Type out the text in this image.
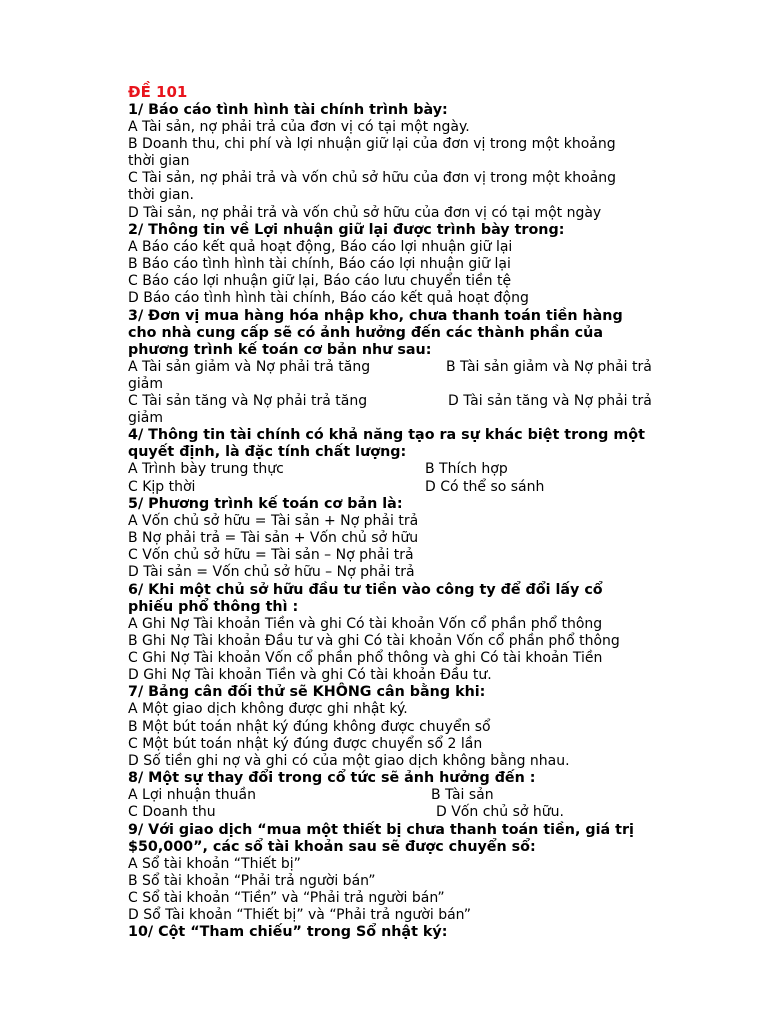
ĐỀ 101
1/ Báo cáo tình hình tài chính trình bày:
A Tài sản, nợ phải trả của đơn vị có tại một ngày.
B Doanh thu, chi phí và lợi nhuận giữ lại của đơn vị trong một khoảng
thời gian
C Tài sản, nợ phải trả và vốn chủ sở hữu của đơn vị trong một khoảng
thời gian.
D Tài sản, nợ phải trả và vốn chủ sở hữu của đơn vị có tại một ngày
2/ Thông tin về Lợi nhuận giữ lại được trình bày trong:
A Báo cáo kết quả hoạt động, Báo cáo lợi nhuận giữ lại
B Báo cáo tình hình tài chính, Báo cáo lợi nhuận giữ lại
C Báo cáo lợi nhuận giữ lại, Báo cáo lưu chuyển tiền tệ
D Báo cáo tình hình tài chính, Báo cáo kết quả hoạt động
3/ Đơn vị mua hàng hóa nhập kho, chưa thanh toán tiền hàng
cho nhà cung cấp sẽ có ảnh hưởng đến các thành phần của
phương trình kế toán cơ bản như sau:
A Tài sản giảm và Nợ phải trả tăng	B Tài sản giảm và Nợ phải trả
giảm
C Tài sản tăng và Nợ phải trả tăng	D Tài sản tăng và Nợ phải trả
giảm
4/ Thông tin tài chính có khả năng tạo ra sự khác biệt trong một
quyết định, là đặc tính chất lượng:
A Trình bày trung thực	B Thích hợp
C Kịp thời	D Có thể so sánh
5/ Phương trình kế toán cơ bản là:
A Vốn chủ sở hữu = Tài sản + Nợ phải trả
B Nợ phải trả = Tài sản + Vốn chủ sở hữu
C Vốn chủ sở hữu = Tài sản – Nợ phải trả
D Tài sản = Vốn chủ sở hữu – Nợ phải trả
6/ Khi một chủ sở hữu đầu tư tiền vào công ty để đổi lấy cổ
phiếu phổ thông thì :
A Ghi Nợ Tài khoản Tiền và ghi Có tài khoản Vốn cổ phần phổ thông
B Ghi Nợ Tài khoản Đầu tư và ghi Có tài khoản Vốn cổ phần phổ thông
C Ghi Nợ Tài khoản Vốn cổ phần phổ thông và ghi Có tài khoản Tiền
D Ghi Nợ Tài khoản Tiền và ghi Có tài khoản Đầu tư.
7/ Bảng cân đối thử sẽ KHÔNG cân bằng khi:
A Một giao dịch không được ghi nhật ký.
B Một bút toán nhật ký đúng không được chuyển sổ
C Một bút toán nhật ký đúng được chuyển sổ 2 lần
D Số tiền ghi nợ và ghi có của một giao dịch không bằng nhau.
8/ Một sự thay đổi trong cổ tức sẽ ảnh hưởng đến :
A Lợi nhuận thuần	B Tài sản
C Doanh thu	D Vốn chủ sở hữu.
9/ Với giao dịch “mua một thiết bị chưa thanh toán tiền, giá trị
$50,000”, các sổ tài khoản sau sẽ được chuyển sổ:
A Sổ tài khoản “Thiết bị”
B Sổ tài khoản “Phải trả người bán”
C Sổ tài khoản “Tiền” và “Phải trả người bán”
D Sổ Tài khoản “Thiết bị” và “Phải trả người bán”
10/ Cột “Tham chiếu” trong Sổ nhật ký:
